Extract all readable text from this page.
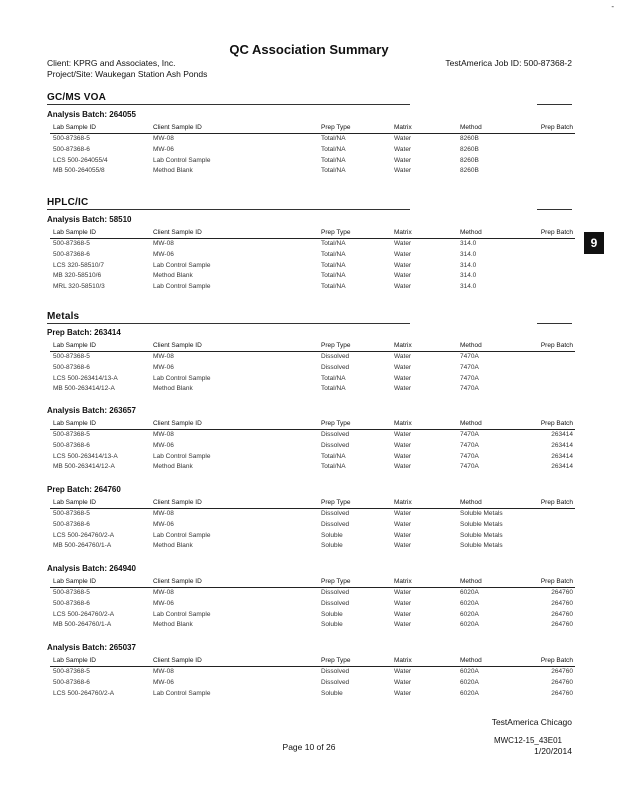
-
QC Association Summary
Client: KPRG and Associates, Inc.
Project/Site: Waukegan Station Ash Ponds
TestAmerica Job ID: 500-87368-2
9
GC/MS VOA
Analysis Batch: 264055
Lab Sample ID	Client Sample ID	Prep Type	Matrix	Method	Prep Batch
500-87368-5	MW-08	Total/NA	Water	8260B
500-87368-6	MW-06	Total/NA	Water	8260B
LCS 500-264055/4	Lab Control Sample	Total/NA	Water	8260B
MB 500-264055/8	Method Blank	Total/NA	Water	8260B
HPLC/IC
Analysis Batch: 58510
Lab Sample ID	Client Sample ID	Prep Type	Matrix	Method	Prep Batch
500-87368-5	MW-08	Total/NA	Water	314.0
500-87368-6	MW-06	Total/NA	Water	314.0
LCS 320-58510/7	Lab Control Sample	Total/NA	Water	314.0
MB 320-58510/6	Method Blank	Total/NA	Water	314.0
MRL 320-58510/3	Lab Control Sample	Total/NA	Water	314.0
Metals
Prep Batch: 263414
Lab Sample ID	Client Sample ID	Prep Type	Matrix	Method	Prep Batch
500-87368-5	MW-08	Dissolved	Water	7470A
500-87368-6	MW-06	Dissolved	Water	7470A
LCS 500-263414/13-A	Lab Control Sample	Total/NA	Water	7470A
MB 500-263414/12-A	Method Blank	Total/NA	Water	7470A
Analysis Batch: 263657
Lab Sample ID	Client Sample ID	Prep Type	Matrix	Method	Prep Batch
500-87368-5	MW-08	Dissolved	Water	7470A	263414
500-87368-6	MW-06	Dissolved	Water	7470A	263414
LCS 500-263414/13-A	Lab Control Sample	Total/NA	Water	7470A	263414
MB 500-263414/12-A	Method Blank	Total/NA	Water	7470A	263414
Prep Batch: 264760
Lab Sample ID	Client Sample ID	Prep Type	Matrix	Method	Prep Batch
500-87368-5	MW-08	Dissolved	Water	Soluble Metals
500-87368-6	MW-06	Dissolved	Water	Soluble Metals
LCS 500-264760/2-A	Lab Control Sample	Soluble	Water	Soluble Metals
MB 500-264760/1-A	Method Blank	Soluble	Water	Soluble Metals
Analysis Batch: 264940
Lab Sample ID	Client Sample ID	Prep Type	Matrix	Method	Prep Batch
500-87368-5	MW-08	Dissolved	Water	6020A	264760
500-87368-6	MW-06	Dissolved	Water	6020A	264760
LCS 500-264760/2-A	Lab Control Sample	Soluble	Water	6020A	264760
MB 500-264760/1-A	Method Blank	Soluble	Water	6020A	264760
Analysis Batch: 265037
Lab Sample ID	Client Sample ID	Prep Type	Matrix	Method	Prep Batch
500-87368-5	MW-08	Dissolved	Water	6020A	264760
500-87368-6	MW-06	Dissolved	Water	6020A	264760
LCS 500-264760/2-A	Lab Control Sample	Soluble	Water	6020A	264760
TestAmerica Chicago
Page 10 of 26
MWC12-15_43E01
1/20/2014
